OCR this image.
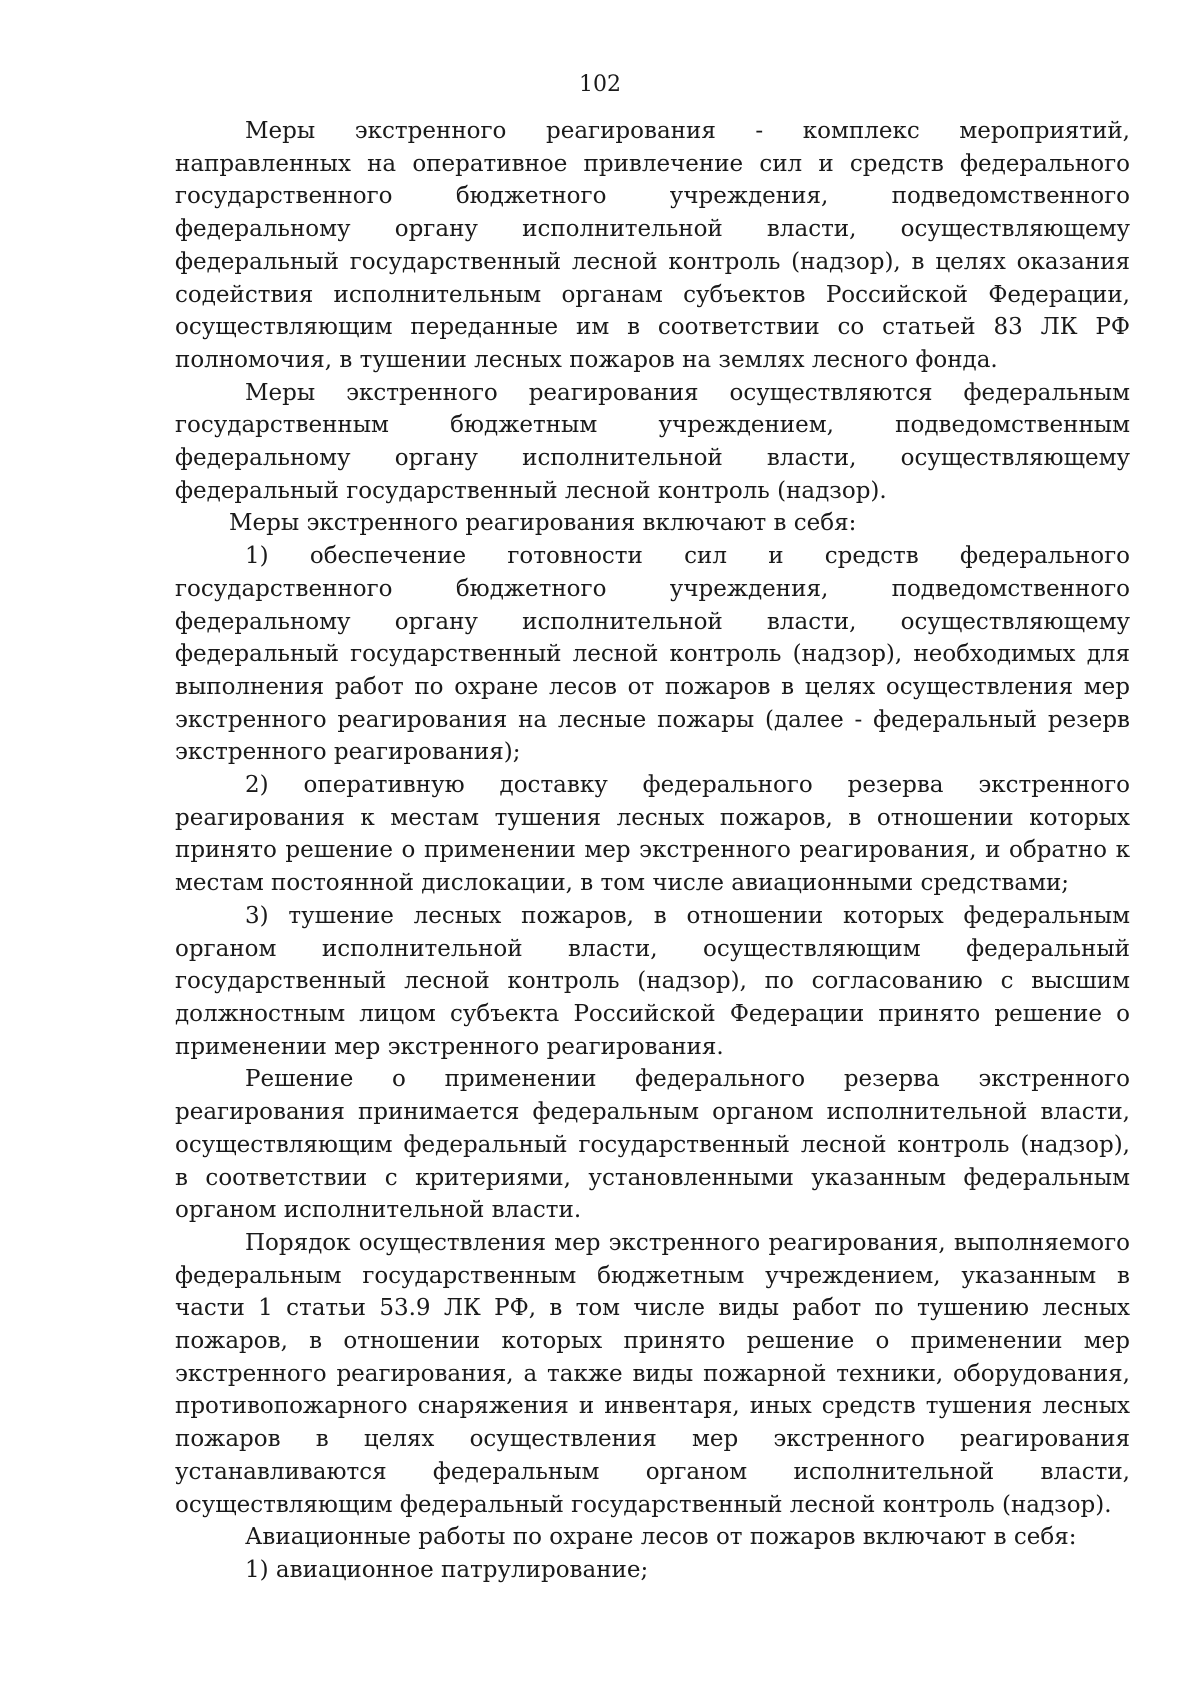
102

Меры экстренного реагирования - комплекс мероприятий, направленных на оперативное привлечение сил и средств федерального государственного бюджетного учреждения, подведомственного федеральному органу исполнительной власти, осуществляющему федеральный государственный лесной контроль (надзор), в целях оказания содействия исполнительным органам субъектов Российской Федерации, осуществляющим переданные им в соответствии со статьей 83 ЛК РФ полномочия, в тушении лесных пожаров на землях лесного фонда.

Меры экстренного реагирования осуществляются федеральным государственным бюджетным учреждением, подведомственным федеральному органу исполнительной власти, осуществляющему федеральный государственный лесной контроль (надзор).

Меры экстренного реагирования включают в себя:

1) обеспечение готовности сил и средств федерального государственного бюджетного учреждения, подведомственного федеральному органу исполнительной власти, осуществляющему федеральный государственный лесной контроль (надзор), необходимых для выполнения работ по охране лесов от пожаров в целях осуществления мер экстренного реагирования на лесные пожары (далее - федеральный резерв экстренного реагирования);

2) оперативную доставку федерального резерва экстренного реагирования к местам тушения лесных пожаров, в отношении которых принято решение о применении мер экстренного реагирования, и обратно к местам постоянной дислокации, в том числе авиационными средствами;

3) тушение лесных пожаров, в отношении которых федеральным органом исполнительной власти, осуществляющим федеральный государственный лесной контроль (надзор), по согласованию с высшим должностным лицом субъекта Российской Федерации принято решение о применении мер экстренного реагирования.

Решение о применении федерального резерва экстренного реагирования принимается федеральным органом исполнительной власти, осуществляющим федеральный государственный лесной контроль (надзор), в соответствии с критериями, установленными указанным федеральным органом исполнительной власти.

Порядок осуществления мер экстренного реагирования, выполняемого федеральным государственным бюджетным учреждением, указанным в части 1 статьи 53.9 ЛК РФ, в том числе виды работ по тушению лесных пожаров, в отношении которых принято решение о применении мер экстренного реагирования, а также виды пожарной техники, оборудования, противопожарного снаряжения и инвентаря, иных средств тушения лесных пожаров в целях осуществления мер экстренного реагирования устанавливаются федеральным органом исполнительной власти, осуществляющим федеральный государственный лесной контроль (надзор).

Авиационные работы по охране лесов от пожаров включают в себя:

1) авиационное патрулирование;
